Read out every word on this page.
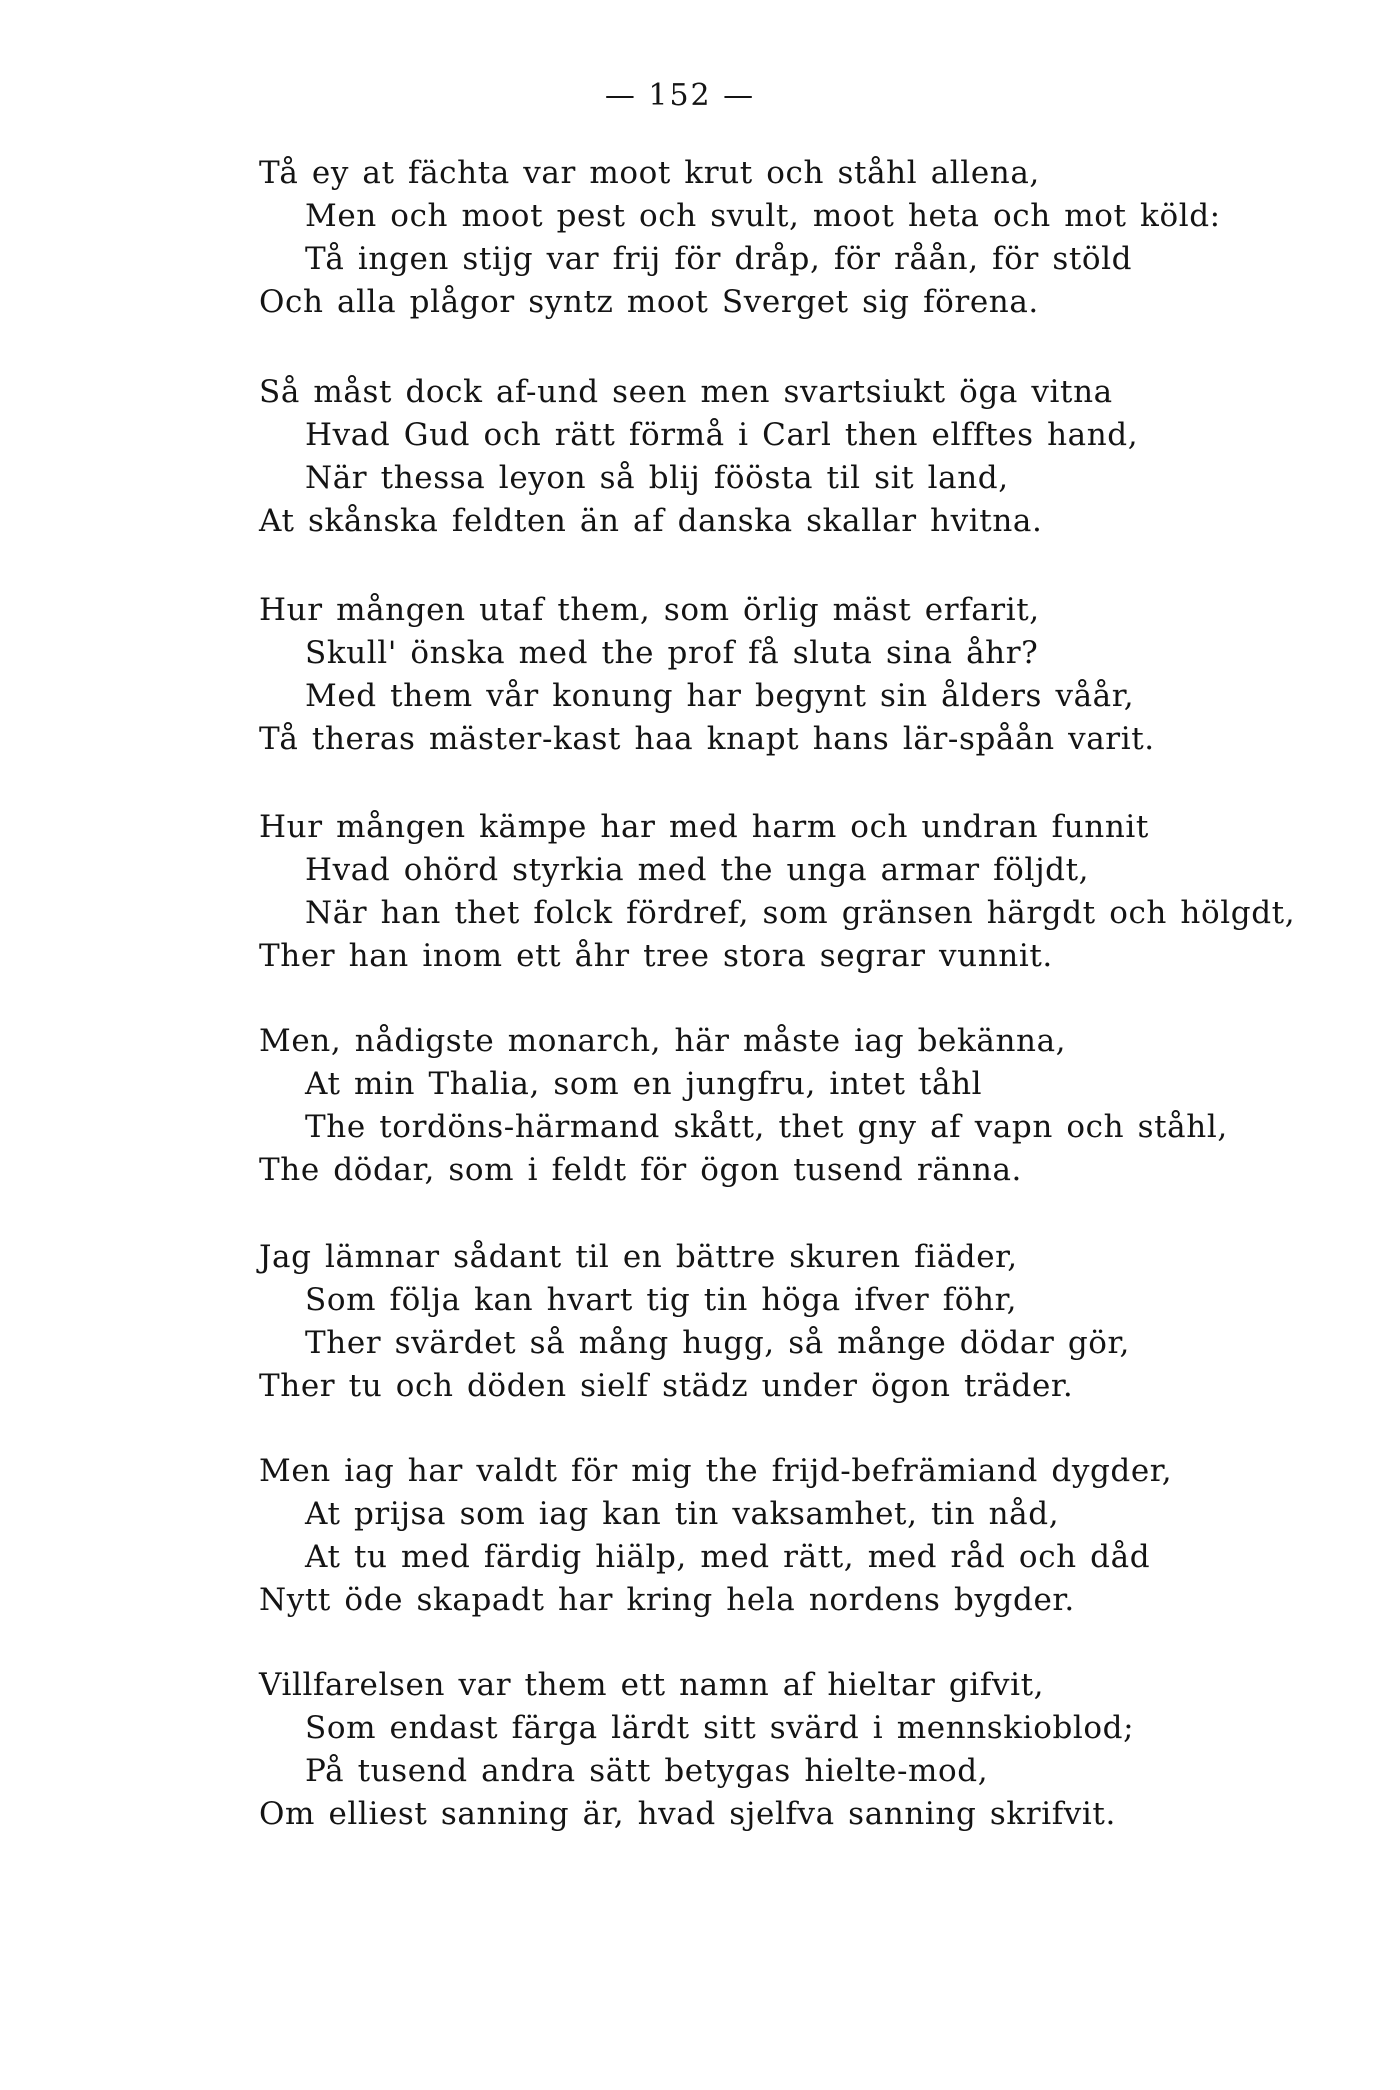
— 152 —
Tå ey at fächta var moot krut och ståhl allena,
Men och moot pest och svult, moot heta och mot köld:
Tå ingen stijg var frij för dråp, för råån, för stöld
Och alla plågor syntz moot Sverget sig förena.
Så måst dock af-und seen men svartsiukt öga vitna
Hvad Gud och rätt förmå i Carl then elfftes hand,
När thessa leyon så blij föösta til sit land,
At skånska feldten än af danska skallar hvitna.
Hur mången utaf them, som örlig mäst erfarit,
Skull' önska med the prof få sluta sina åhr?
Med them vår konung har begynt sin ålders våår,
Tå theras mäster-kast haa knapt hans lär-spåån varit.
Hur mången kämpe har med harm och undran funnit
Hvad ohörd styrkia med the unga armar följdt,
När han thet folck fördref, som gränsen härgdt och hölgdt,
Ther han inom ett åhr tree stora segrar vunnit.
Men, nådigste monarch, här måste iag bekänna,
At min Thalia, som en jungfru, intet tåhl
The tordöns-härmand skått, thet gny af vapn och ståhl,
The dödar, som i feldt för ögon tusend ränna.
Jag lämnar sådant til en bättre skuren fiäder,
Som följa kan hvart tig tin höga ifver föhr,
Ther svärdet så mång hugg, så månge dödar gör,
Ther tu och döden sielf städz under ögon träder.
Men iag har valdt för mig the frijd-befrämiand dygder,
At prijsa som iag kan tin vaksamhet, tin nåd,
At tu med färdig hiälp, med rätt, med råd och dåd
Nytt öde skapadt har kring hela nordens bygder.
Villfarelsen var them ett namn af hieltar gifvit,
Som endast färga lärdt sitt svärd i mennskioblod;
På tusend andra sätt betygas hielte-mod,
Om elliest sanning är, hvad sjelfva sanning skrifvit.
